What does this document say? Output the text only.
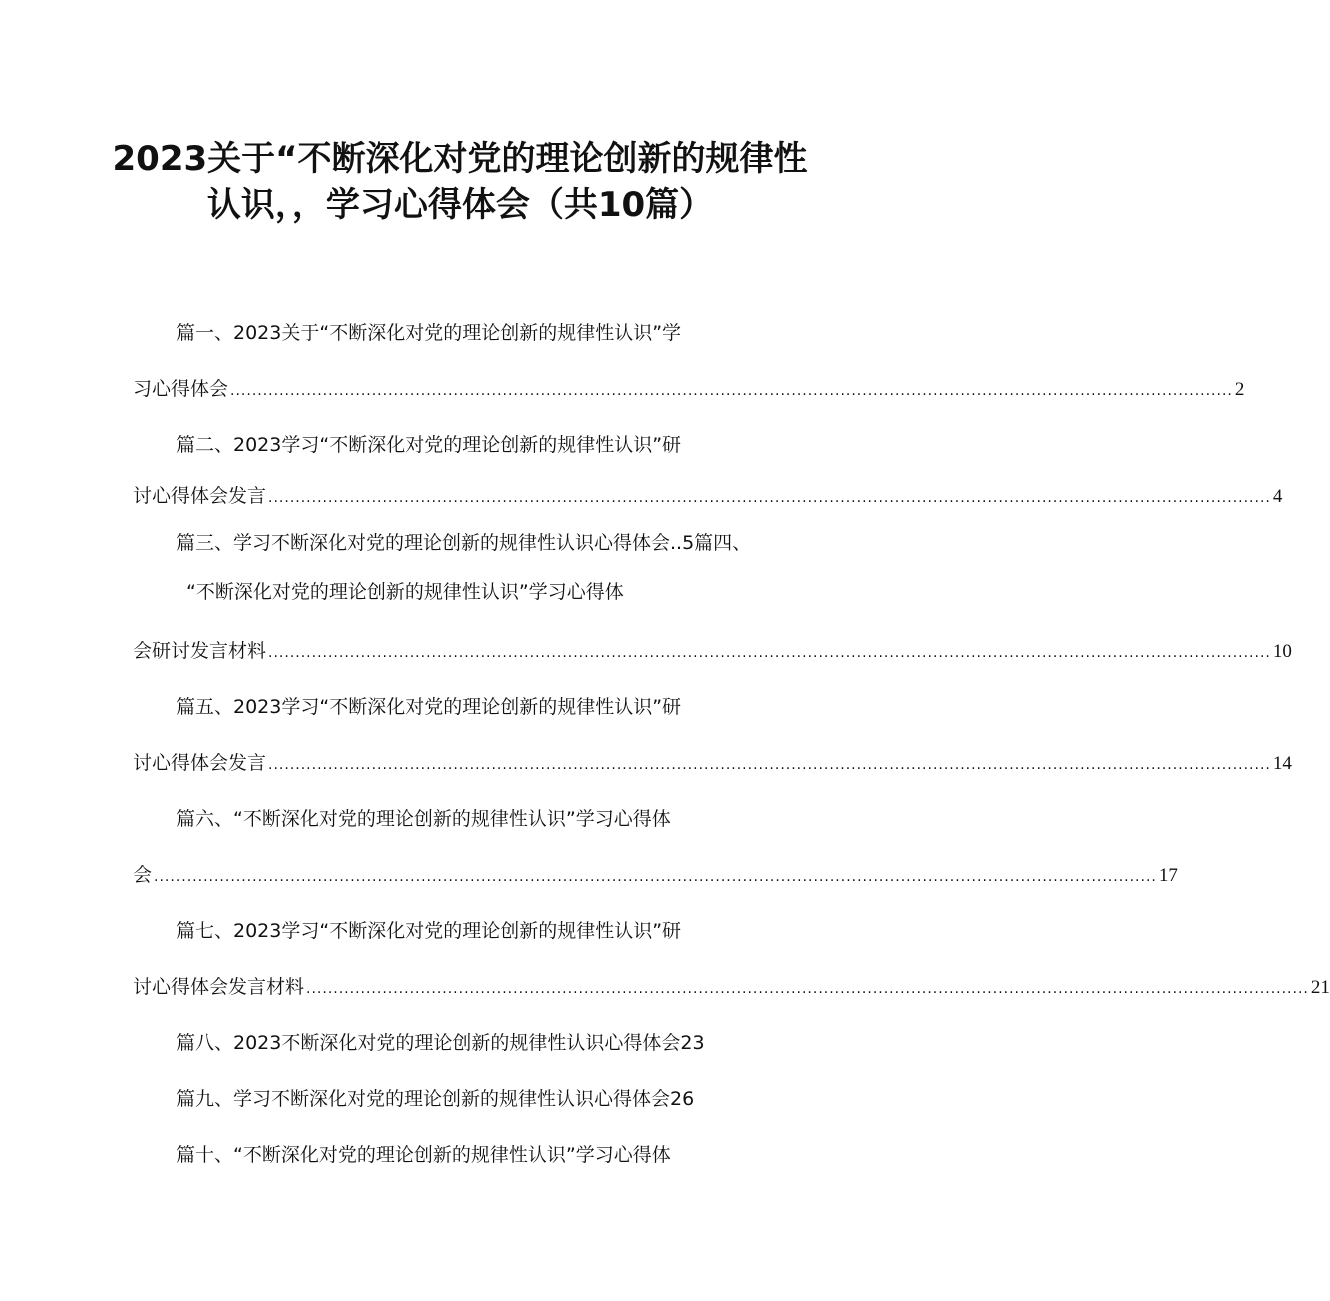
2023关于“不断深化对党的理论创新的规律性
认识，，学习心得体会（共10篇）
篇一、2023关于“不断深化对党的理论创新的规律性认识”学
习心得体会 ........................................................................................................................................................................................ 2
篇二、2023学习“不断深化对党的理论创新的规律性认识”研
讨心得体会发言 ........................................................................................................................................................................................ 4
篇三、学习不断深化对党的理论创新的规律性认识心得体会..5篇四、
“不断深化对党的理论创新的规律性认识”学习心得体
会研讨发言材料 ........................................................................................................................................................................................ 10
篇五、2023学习“不断深化对党的理论创新的规律性认识”研
讨心得体会发言 ........................................................................................................................................................................................ 14
篇六、“不断深化对党的理论创新的规律性认识”学习心得体
会 ........................................................................................................................................................................................ 17
篇七、2023学习“不断深化对党的理论创新的规律性认识”研
讨心得体会发言材料 ........................................................................................................................................................................................ 21
篇八、2023不断深化对党的理论创新的规律性认识心得体会23
篇九、学习不断深化对党的理论创新的规律性认识心得体会26
篇十、“不断深化对党的理论创新的规律性认识”学习心得体
